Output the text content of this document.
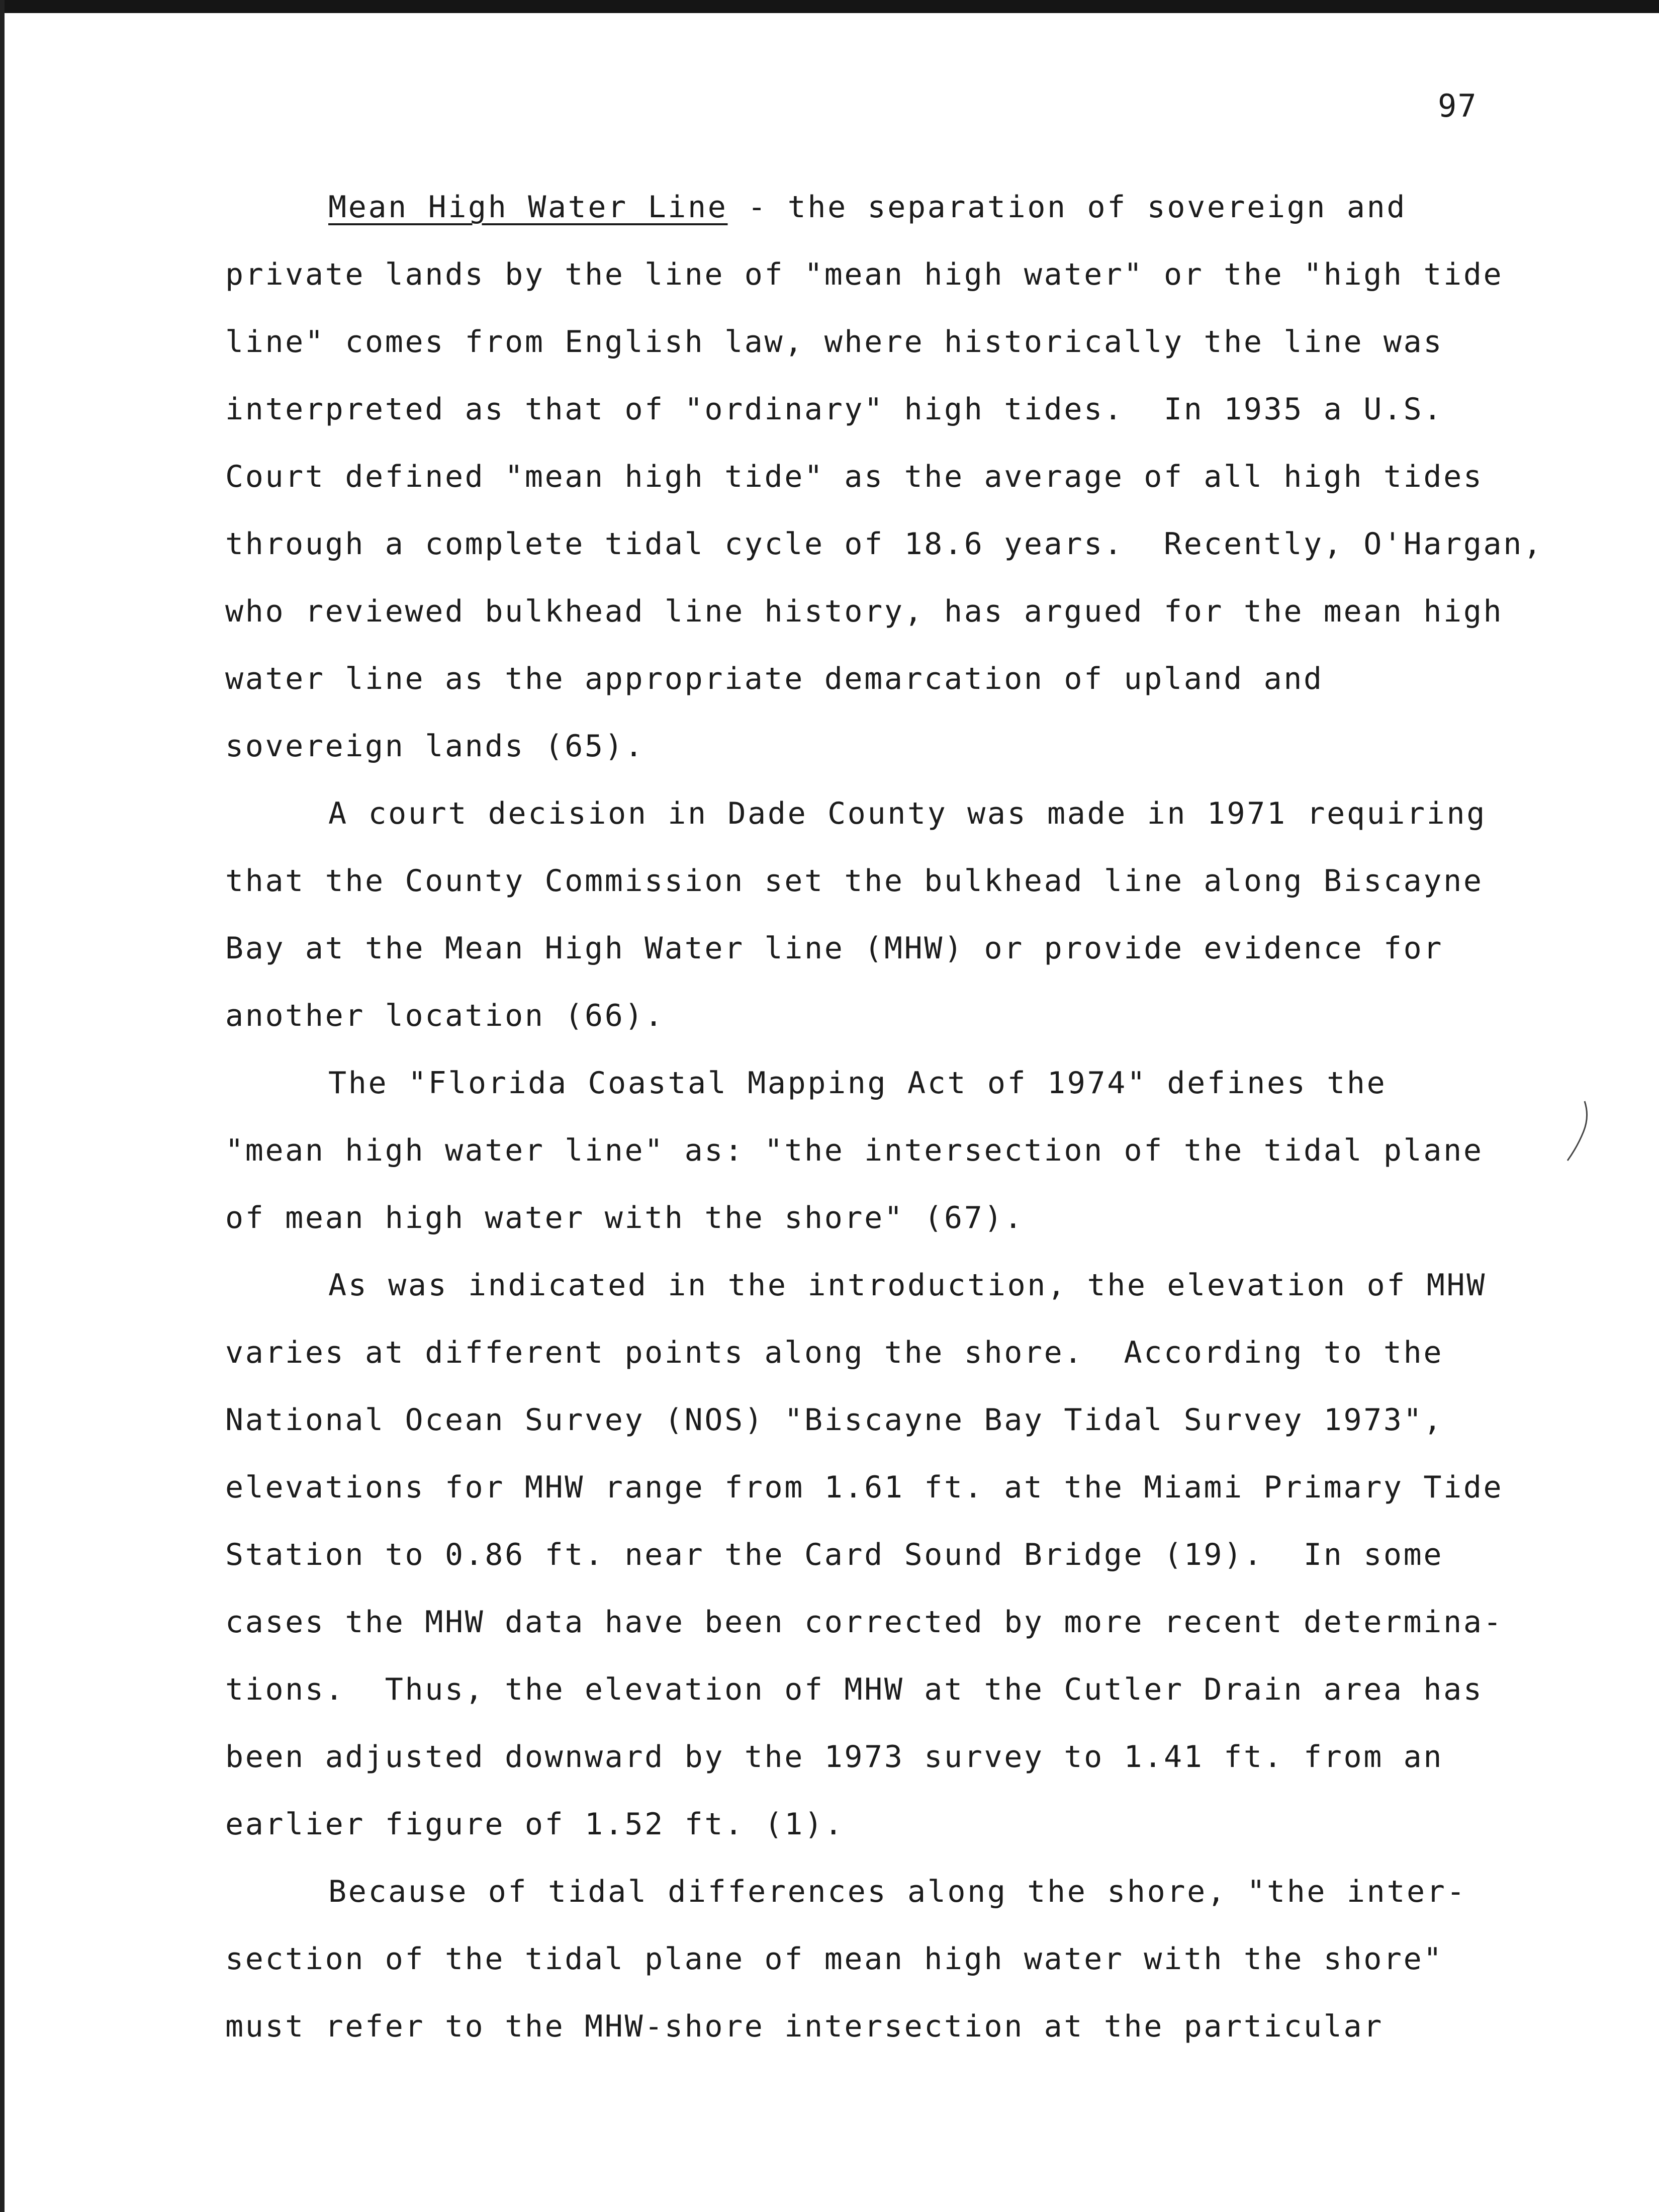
97
Mean High Water Line - the separation of sovereign and
private lands by the line of "mean high water" or the "high tide
line" comes from English law, where historically the line was
interpreted as that of "ordinary" high tides.  In 1935 a U.S.
Court defined "mean high tide" as the average of all high tides
through a complete tidal cycle of 18.6 years.  Recently, O'Hargan,
who reviewed bulkhead line history, has argued for the mean high
water line as the appropriate demarcation of upland and
sovereign lands (65).
A court decision in Dade County was made in 1971 requiring
that the County Commission set the bulkhead line along Biscayne
Bay at the Mean High Water line (MHW) or provide evidence for
another location (66).
The "Florida Coastal Mapping Act of 1974" defines the
"mean high water line" as: "the intersection of the tidal plane
of mean high water with the shore" (67).
As was indicated in the introduction, the elevation of MHW
varies at different points along the shore.  According to the
National Ocean Survey (NOS) "Biscayne Bay Tidal Survey 1973",
elevations for MHW range from 1.61 ft. at the Miami Primary Tide
Station to 0.86 ft. near the Card Sound Bridge (19).  In some
cases the MHW data have been corrected by more recent determina-
tions.  Thus, the elevation of MHW at the Cutler Drain area has
been adjusted downward by the 1973 survey to 1.41 ft. from an
earlier figure of 1.52 ft. (1).
Because of tidal differences along the shore, "the inter-
section of the tidal plane of mean high water with the shore"
must refer to the MHW-shore intersection at the particular
